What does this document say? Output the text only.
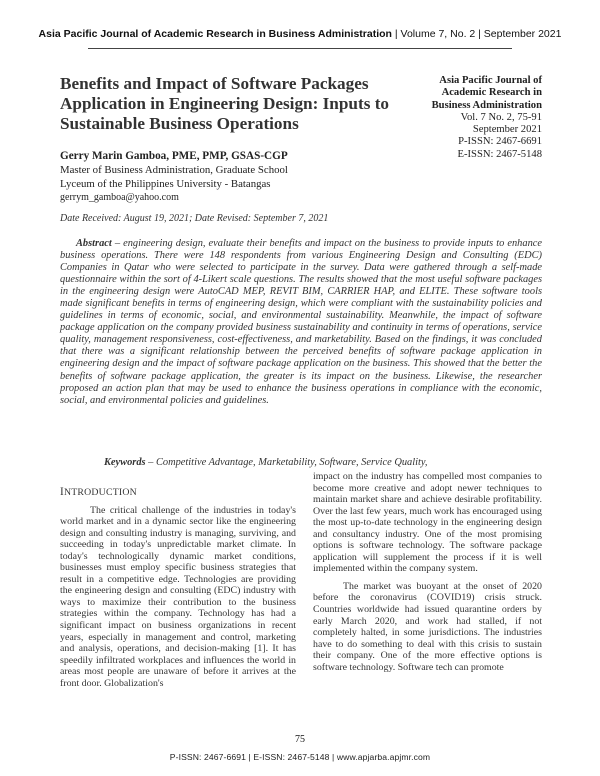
Asia Pacific Journal of Academic Research in Business Administration | Volume 7, No. 2 | September 2021
Benefits and Impact of Software Packages Application in Engineering Design: Inputs to Sustainable Business Operations
Asia Pacific Journal of
Academic Research in
Business Administration
Vol. 7 No. 2, 75-91
September 2021
P-ISSN: 2467-6691
E-ISSN: 2467-5148
Gerry Marin Gamboa, PME, PMP, GSAS-CGP
Master of Business Administration, Graduate School
Lyceum of the Philippines University - Batangas
gerrym_gamboa@yahoo.com
Date Received: August 19, 2021; Date Revised: September 7, 2021
Abstract – engineering design, evaluate their benefits and impact on the business to provide inputs to enhance business operations. There were 148 respondents from various Engineering Design and Consulting (EDC) Companies in Qatar who were selected to participate in the survey. Data were gathered through a self-made questionnaire within the sort of 4-Likert scale questions. The results showed that the most useful software packages in the engineering design were AutoCAD MEP, REVIT BIM, CARRIER HAP, and ELITE. These software tools made significant benefits in terms of engineering design, which were compliant with the sustainability policies and guidelines in terms of economic, social, and environmental sustainability. Meanwhile, the impact of software package application on the company provided business sustainability and continuity in terms of operations, service quality, management responsiveness, cost-effectiveness, and marketability. Based on the findings, it was concluded that there was a significant relationship between the perceived benefits of software package application in engineering design and the impact of software package application on the business. This showed that the better the benefits of software package application, the greater is its impact on the business. Likewise, the researcher proposed an action plan that may be used to enhance the business operations in compliance with the economic, social, and environmental policies and guidelines.
Keywords – Competitive Advantage, Marketability, Software, Service Quality,
INTRODUCTION

The critical challenge of the industries in today's world market and in a dynamic sector like the engineering design and consulting industry is managing, surviving, and succeeding in today's unpredictable market climate. In today's technologically dynamic market conditions, businesses must employ specific business strategies that result in a competitive edge. Technologies are providing the engineering design and consulting (EDC) industry with ways to maximize their contribution to the business strategies within the company. Technology has had a significant impact on business organizations in recent years, especially in management and control, marketing and analysis, operations, and decision-making [1]. It has speedily infiltrated workplaces and influences the world in areas most people are unaware of before it arrives at the front door. Globalization's

impact on the industry has compelled most companies to become more creative and adopt newer techniques to maintain market share and achieve desirable profitability. Over the last few years, much work has encouraged using the most up-to-date technology in the engineering design and consultancy industry. One of the most promising options is software technology. The software package application will supplement the process if it is well implemented within the company system.

The market was buoyant at the onset of 2020 before the coronavirus (COVID19) crisis struck. Countries worldwide had issued quarantine orders by early March 2020, and work had stalled, if not completely halted, in some jurisdictions. The industries have to do something to deal with this crisis to sustain their company. One of the more effective options is software technology. Software tech can promote

75
P-ISSN: 2467-6691 | E-ISSN: 2467-5148 | www.apjarba.apjmr.com
